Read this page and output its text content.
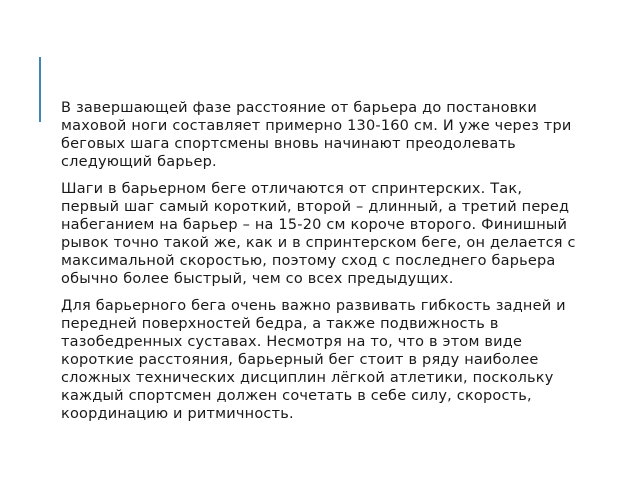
В завершающей фазе расстояние от барьера до постановки маховой ноги составляет примерно 130-160 см. И уже через три беговых шага спортсмены вновь начинают преодолевать следующий барьер.

Шаги в барьерном беге отличаются от спринтерских. Так, первый шаг самый короткий, второй – длинный, а третий перед набеганием на барьер – на 15-20 см короче второго. Финишный рывок точно такой же, как и в спринтерском беге, он делается с максимальной скоростью, поэтому сход с последнего барьера обычно более быстрый, чем со всех предыдущих.

Для барьерного бега очень важно развивать гибкость задней и передней поверхностей бедра, а также подвижность в тазобедренных суставах. Несмотря на то, что в этом виде короткие расстояния, барьерный бег стоит в ряду наиболее сложных технических дисциплин лёгкой атлетики, поскольку каждый спортсмен должен сочетать в себе силу, скорость, координацию и ритмичность.
